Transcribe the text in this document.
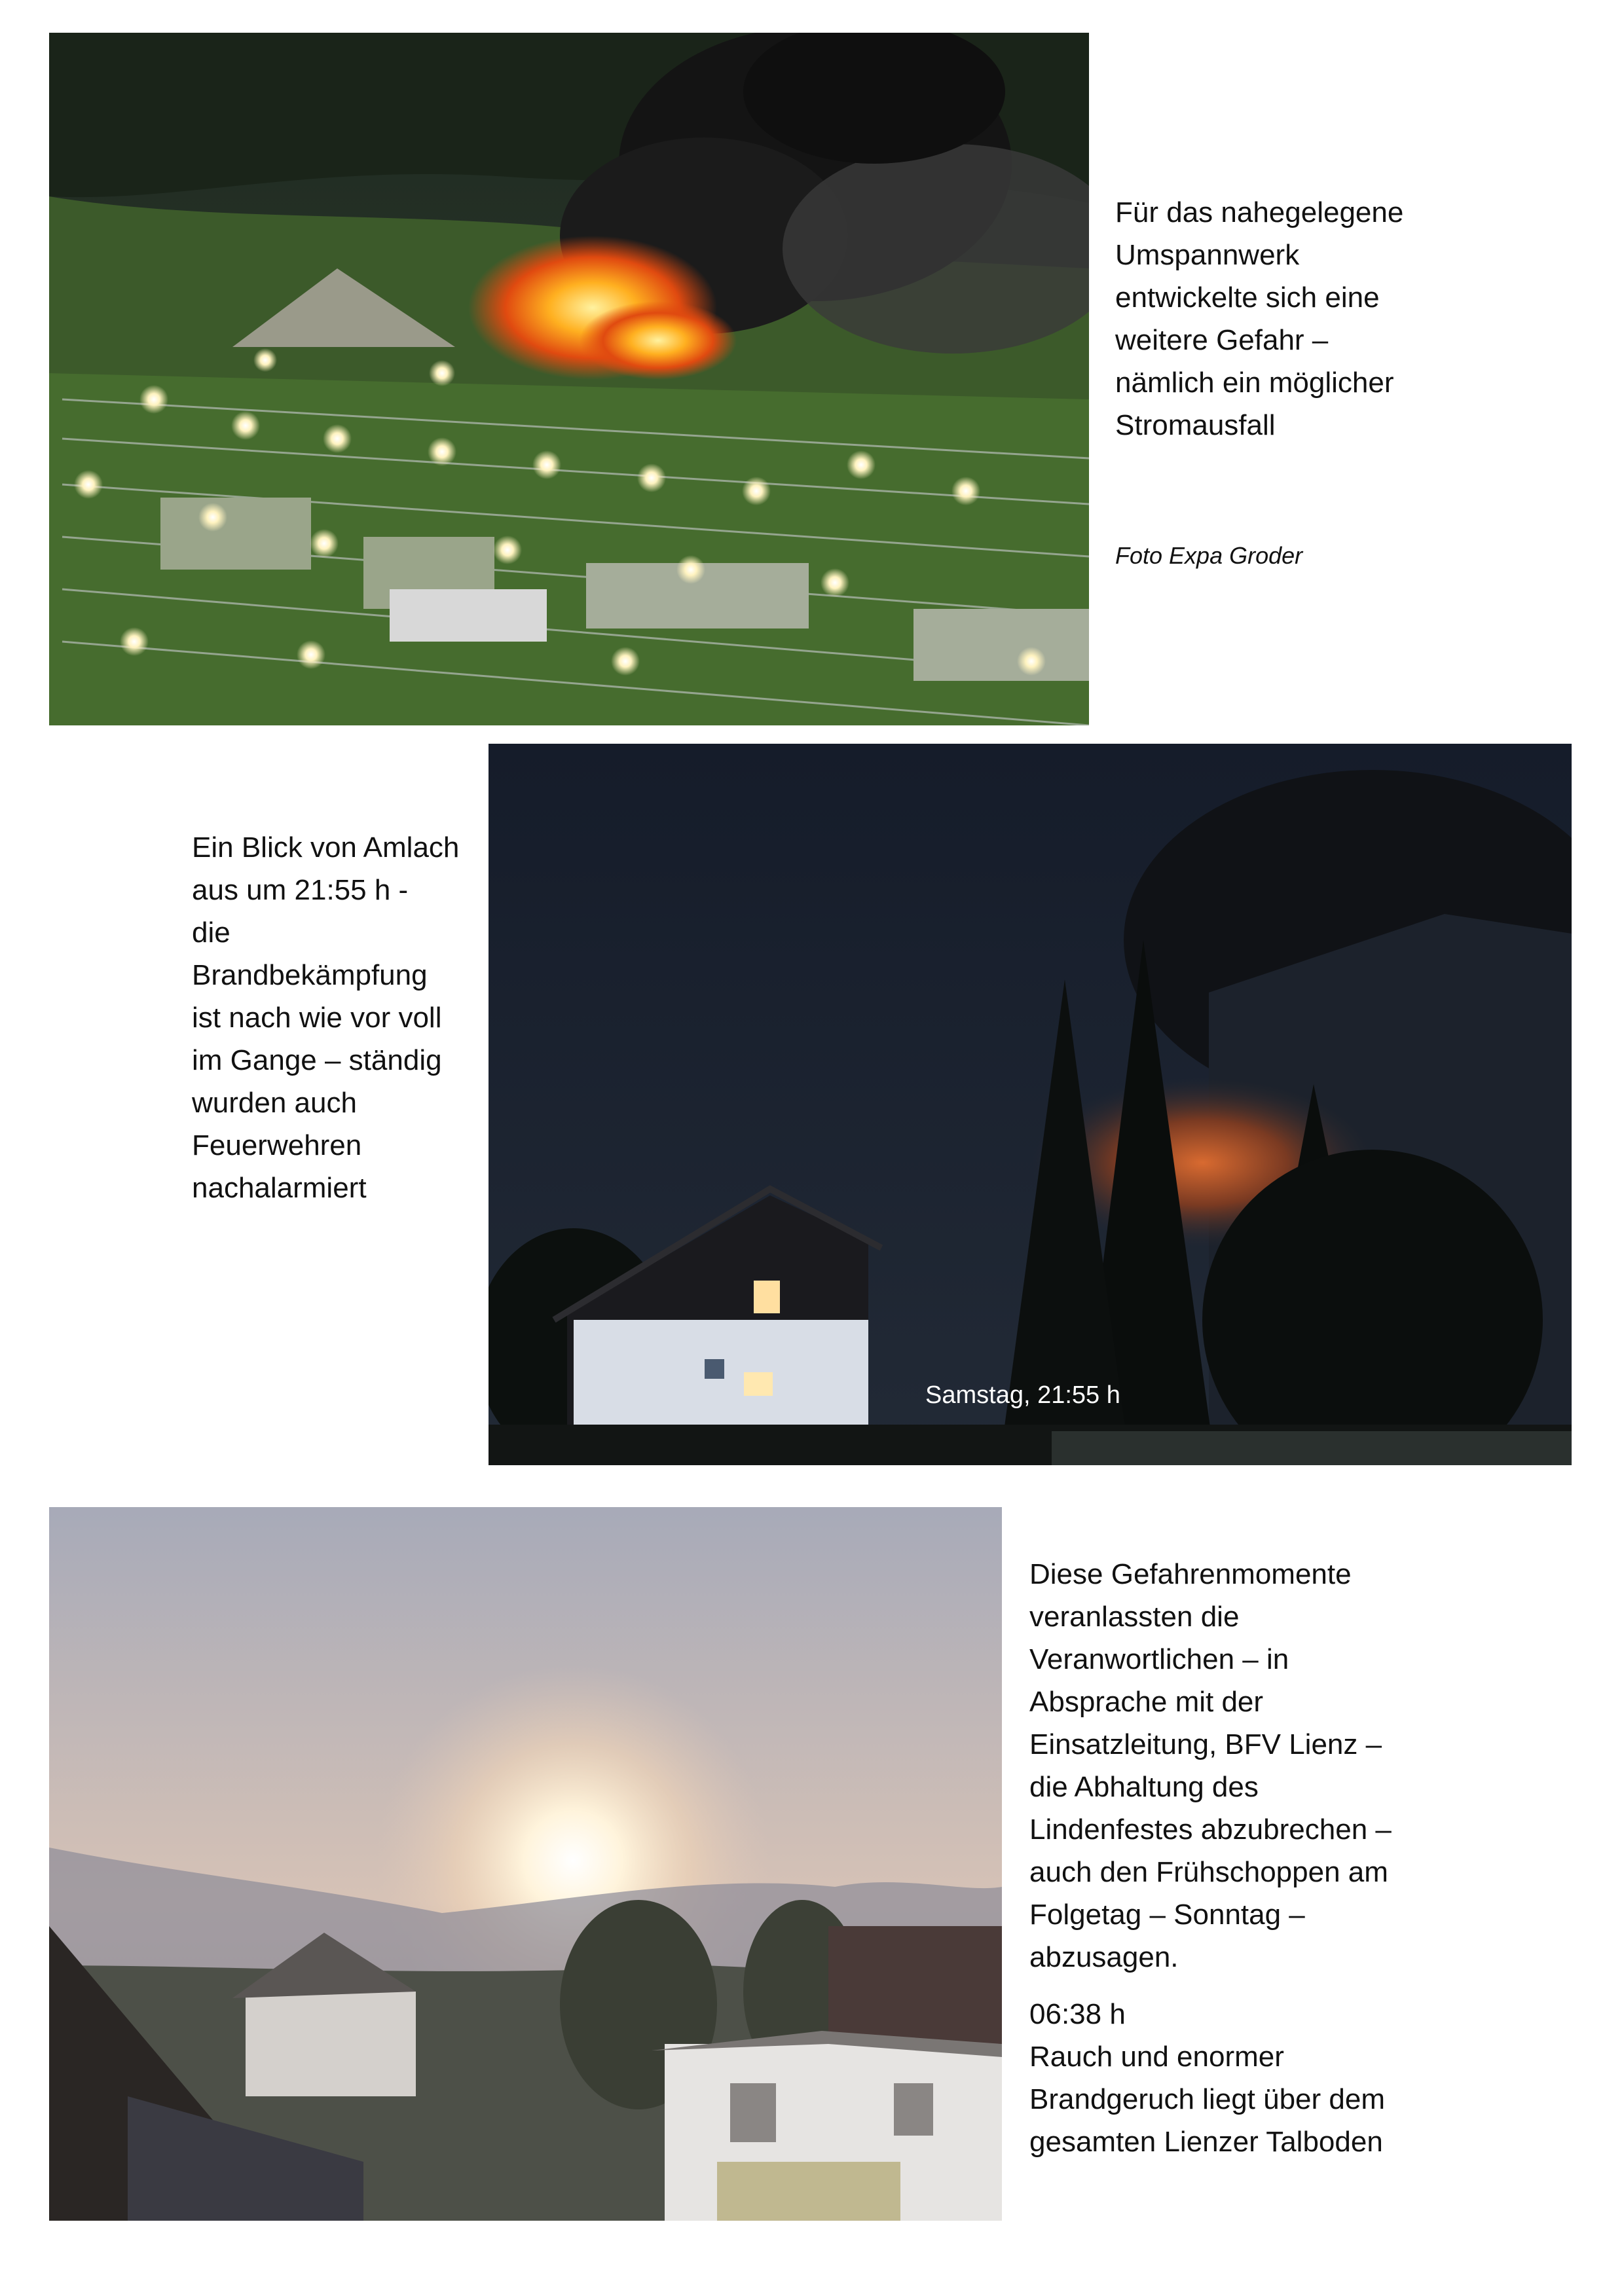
Für das nahegelegene

Umspannwerk

entwickelte sich eine

weitere Gefahr –

nämlich ein möglicher

Stromausfall

Foto Expa Groder

Ein Blick von Amlach

aus um 21:55 h -

die

Brandbekämpfung

ist nach wie vor voll

im Gange – ständig

wurden auch

Feuerwehren

nachalarmiert

Samstag, 21:55 h

Diese Gefahrenmomente

veranlassten die

Veranwortlichen – in

Absprache mit der

Einsatzleitung, BFV Lienz –

die Abhaltung des

Lindenfestes abzubrechen –

auch den Frühschoppen am

Folgetag – Sonntag –

abzusagen.

06:38 h

Rauch und enormer

Brandgeruch liegt über dem

gesamten Lienzer Talboden
